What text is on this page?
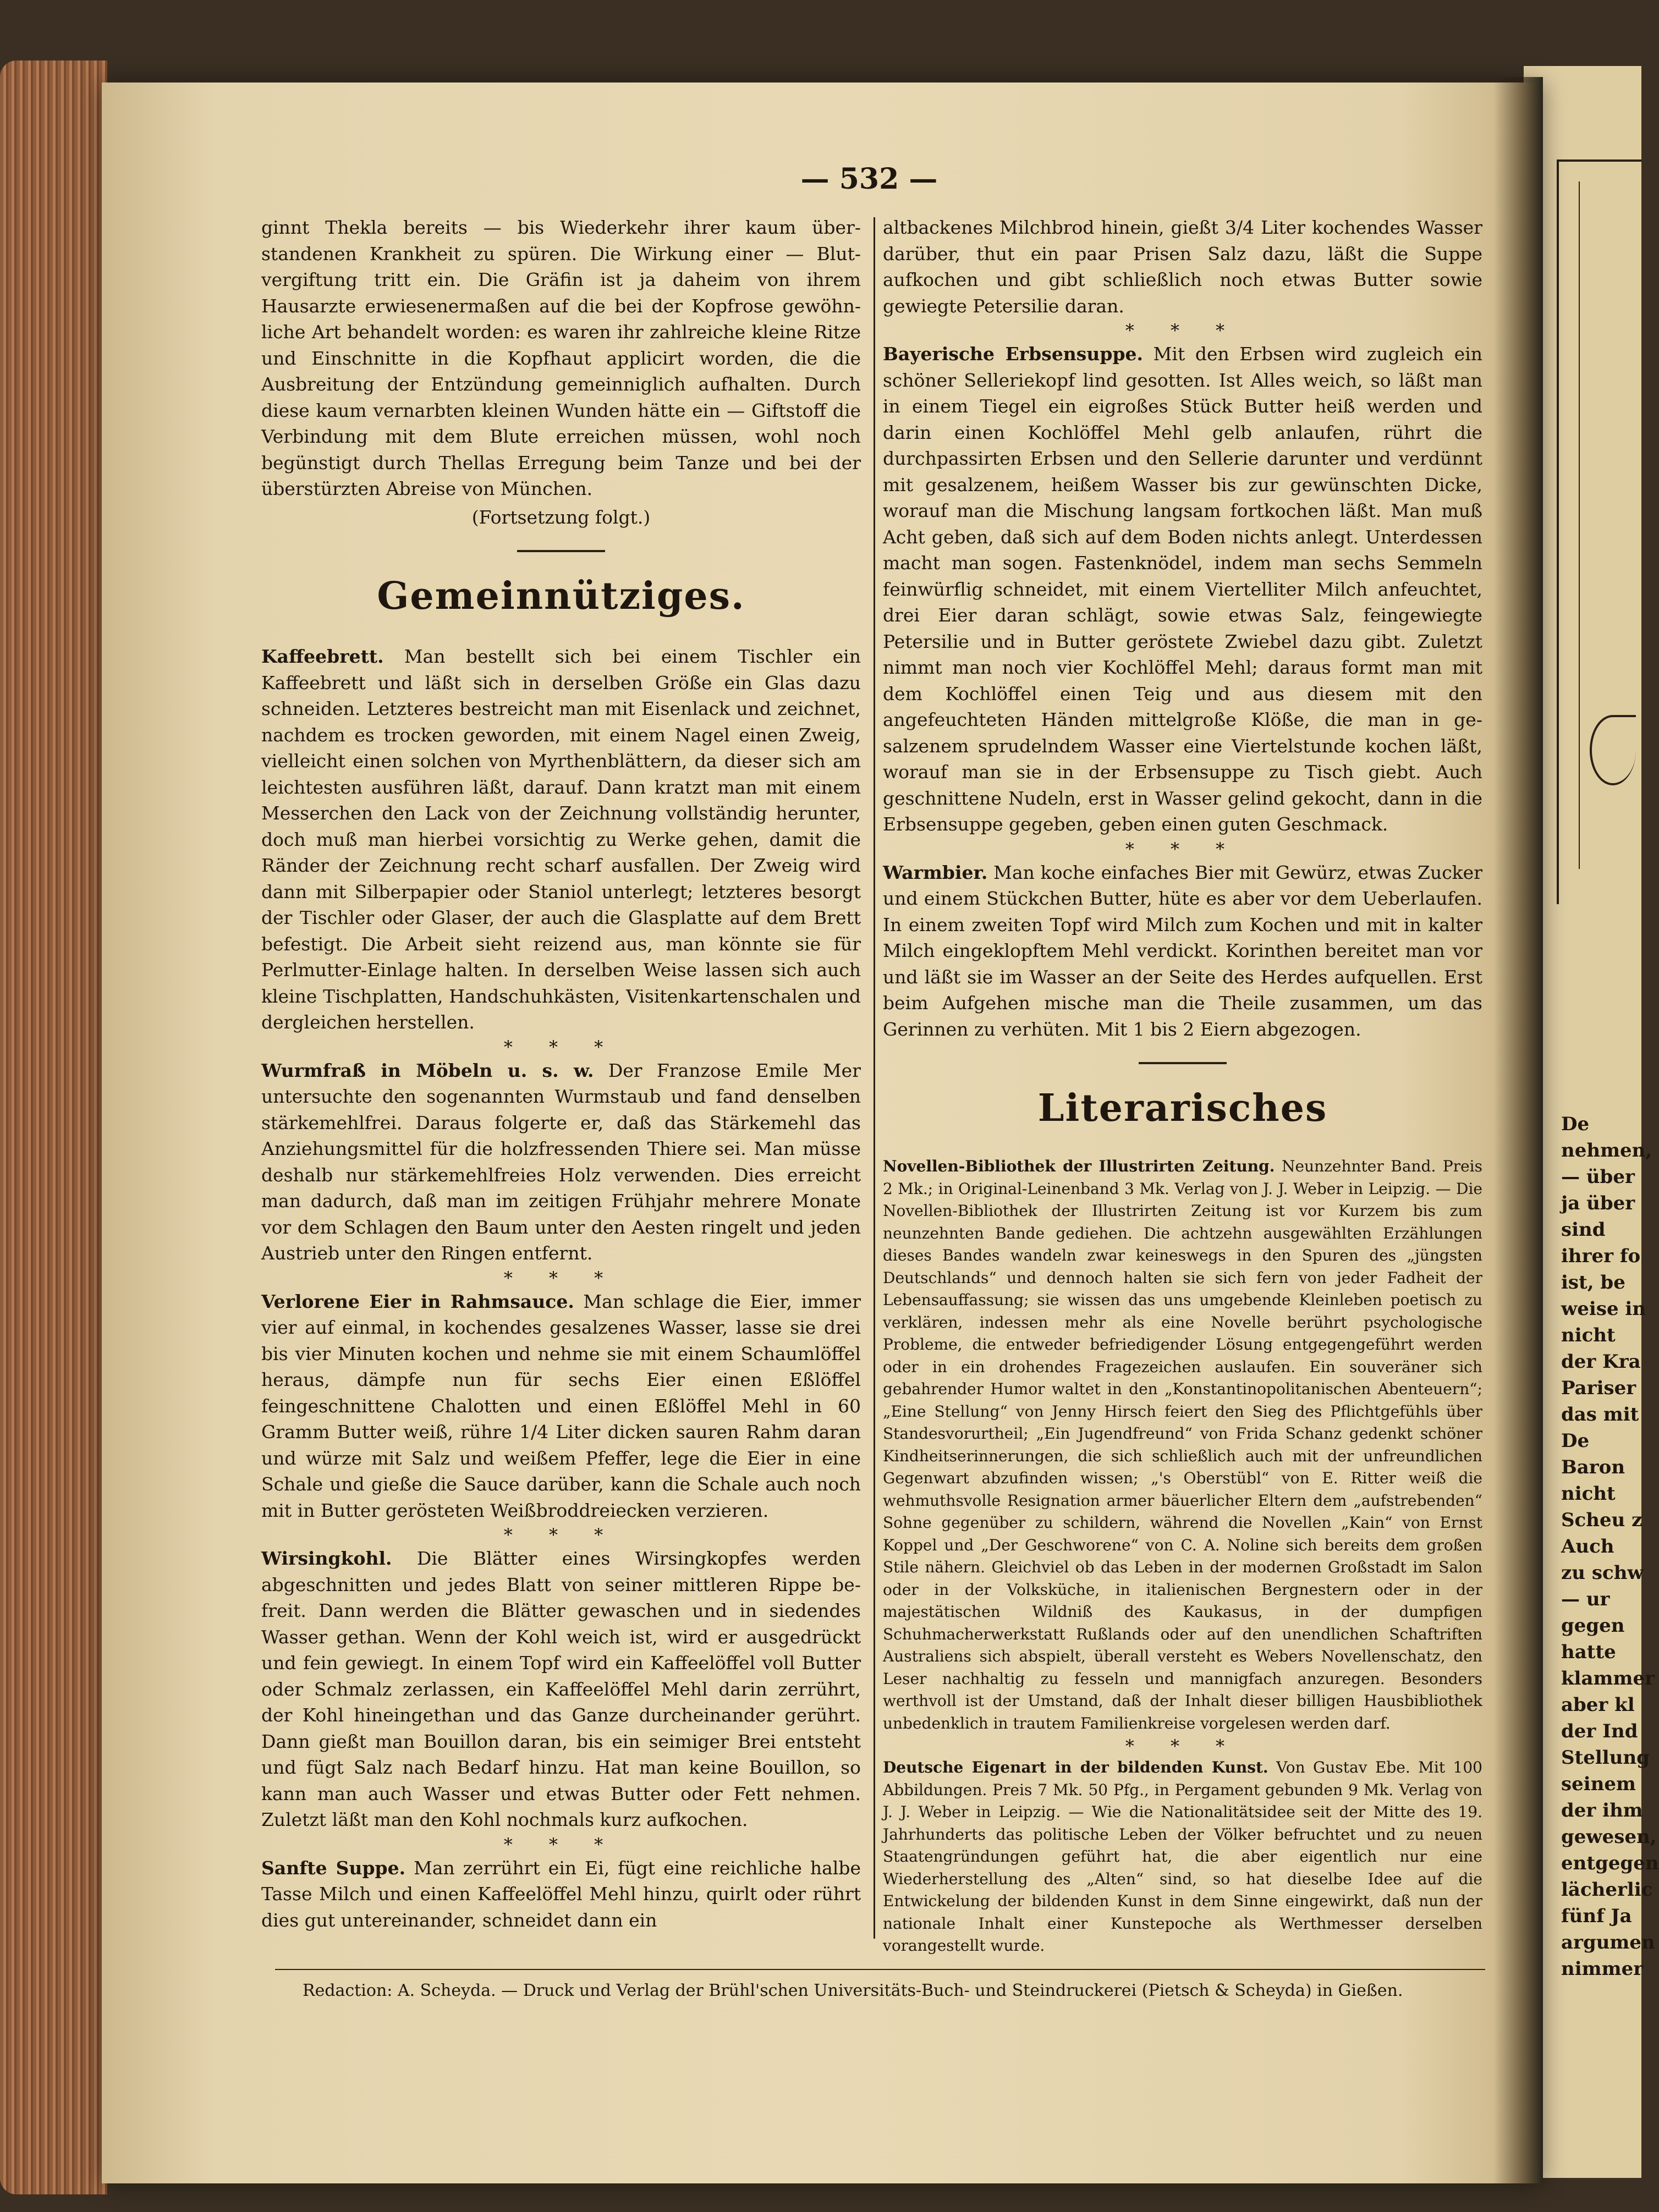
— 532 —

ginnt Thekla bereits — bis Wiederkehr ihrer kaum überstandenen Krankheit zu spüren. Die Wirkung einer — Blutvergiftung tritt ein. Die Gräfin ist ja daheim von ihrem Hausarzte erwiesenermaßen auf die bei der Kopfrose gewöhnliche Art behandelt worden: es waren ihr zahlreiche kleine Ritze und Einschnitte in die Kopfhaut applicirt worden, die die Ausbreitung der Entzündung gemeinniglich aufhalten. Durch diese kaum vernarbten kleinen Wunden hätte ein — Giftstoff die Verbindung mit dem Blute erreichen müssen, wohl noch begünstigt durch Thellas Erregung beim Tanze und bei der überstürzten Abreise von München.

(Fortsetzung folgt.)

Gemeinnütziges.

Kaffeebrett. Man bestellt sich bei einem Tischler ein Kaffeebrett und läßt sich in derselben Größe ein Glas dazu schneiden. Letzteres bestreicht man mit Eisenlack und zeichnet, nachdem es trocken geworden, mit einem Nagel einen Zweig, vielleicht einen solchen von Myrthenblättern, da dieser sich am leichtesten ausführen läßt, darauf. Dann kratzt man mit einem Messerchen den Lack von der Zeichnung vollständig herunter, doch muß man hierbei vorsichtig zu Werke gehen, damit die Ränder der Zeichnung recht scharf ausfallen. Der Zweig wird dann mit Silberpapier oder Staniol unterlegt; letzteres besorgt der Tischler oder Glaser, der auch die Glasplatte auf dem Brett befestigt. Die Arbeit sieht reizend aus, man könnte sie für Perlmutter-Einlage halten. In derselben Weise lassen sich auch kleine Tischplatten, Handschuhkästen, Visitenkartenschalen und dergleichen herstellen.

* * *

Wurmfraß in Möbeln u. s. w. Der Franzose Emile Mer untersuchte den sogenannten Wurmstaub und fand denselben stärkemehlfrei. Daraus folgerte er, daß das Stärkemehl das Anziehungsmittel für die holzfressenden Thiere sei. Man müsse deshalb nur stärkemehlfreies Holz verwenden. Dies erreicht man dadurch, daß man im zeitigen Frühjahr mehrere Monate vor dem Schlagen den Baum unter den Aesten ringelt und jeden Austrieb unter den Ringen entfernt.

* * *

Verlorene Eier in Rahmsauce. Man schlage die Eier, immer vier auf einmal, in kochendes gesalzenes Wasser, lasse sie drei bis vier Minuten kochen und nehme sie mit einem Schaumlöffel heraus, dämpfe nun für sechs Eier einen Eßlöffel feingeschnittene Chalotten und einen Eßlöffel Mehl in 60 Gramm Butter weiß, rühre 1/4 Liter dicken sauren Rahm daran und würze mit Salz und weißem Pfeffer, lege die Eier in eine Schale und gieße die Sauce darüber, kann die Schale auch noch mit in Butter gerösteten Weißbroddreiecken verzieren.

* * *

Wirsingkohl. Die Blätter eines Wirsingkopfes werden abgeschnitten und jedes Blatt von seiner mittleren Rippe befreit. Dann werden die Blätter gewaschen und in siedendes Wasser gethan. Wenn der Kohl weich ist, wird er ausgedrückt und fein gewiegt. In einem Topf wird ein Kaffeelöffel voll Butter oder Schmalz zerlassen, ein Kaffeelöffel Mehl darin zerrührt, der Kohl hineingethan und das Ganze durcheinander gerührt. Dann gießt man Bouillon daran, bis ein seimiger Brei entsteht und fügt Salz nach Bedarf hinzu. Hat man keine Bouillon, so kann man auch Wasser und etwas Butter oder Fett nehmen. Zuletzt läßt man den Kohl nochmals kurz aufkochen.

* * *

Sanfte Suppe. Man zerrührt ein Ei, fügt eine reichliche halbe Tasse Milch und einen Kaffeelöffel Mehl hinzu, quirlt oder rührt dies gut untereinander, schneidet dann ein

altbackenes Milchbrod hinein, gießt 3/4 Liter kochendes Wasser darüber, thut ein paar Prisen Salz dazu, läßt die Suppe aufkochen und gibt schließlich noch etwas Butter sowie gewiegte Petersilie daran.

* * *

Bayerische Erbsensuppe. Mit den Erbsen wird zugleich ein schöner Selleriekopf lind gesotten. Ist Alles weich, so läßt man in einem Tiegel ein eigroßes Stück Butter heiß werden und darin einen Kochlöffel Mehl gelb anlaufen, rührt die durchpassirten Erbsen und den Sellerie darunter und verdünnt mit gesalzenem, heißem Wasser bis zur gewünschten Dicke, worauf man die Mischung langsam fortkochen läßt. Man muß Acht geben, daß sich auf dem Boden nichts anlegt. Unterdessen macht man sogen. Fastenknödel, indem man sechs Semmeln feinwürflig schneidet, mit einem Viertelliter Milch anfeuchtet, drei Eier daran schlägt, sowie etwas Salz, feingewiegte Petersilie und in Butter geröstete Zwiebel dazu gibt. Zuletzt nimmt man noch vier Kochlöffel Mehl; daraus formt man mit dem Kochlöffel einen Teig und aus diesem mit den angefeuchteten Händen mittelgroße Klöße, die man in gesalzenem sprudelndem Wasser eine Viertelstunde kochen läßt, worauf man sie in der Erbsensuppe zu Tisch giebt. Auch geschnittene Nudeln, erst in Wasser gelind gekocht, dann in die Erbsensuppe gegeben, geben einen guten Geschmack.

* * *

Warmbier. Man koche einfaches Bier mit Gewürz, etwas Zucker und einem Stückchen Butter, hüte es aber vor dem Ueberlaufen. In einem zweiten Topf wird Milch zum Kochen und mit in kalter Milch eingeklopftem Mehl verdickt. Korinthen bereitet man vor und läßt sie im Wasser an der Seite des Herdes aufquellen. Erst beim Aufgehen mische man die Theile zusammen, um das Gerinnen zu verhüten. Mit 1 bis 2 Eiern abgezogen.

Literarisches

Novellen-Bibliothek der Illustrirten Zeitung. Neunzehnter Band. Preis 2 Mk.; in Original-Leinenband 3 Mk. Verlag von J. J. Weber in Leipzig. — Die Novellen-Bibliothek der Illustrirten Zeitung ist vor Kurzem bis zum neunzehnten Bande gediehen. Die achtzehn ausgewählten Erzählungen dieses Bandes wandeln zwar keineswegs in den Spuren des „jüngsten Deutschlands“ und dennoch halten sie sich fern von jeder Fadheit der Lebensauffassung; sie wissen das uns umgebende Kleinleben poetisch zu verklären, indessen mehr als eine Novelle berührt psychologische Probleme, die entweder befriedigender Lösung entgegengeführt werden oder in ein drohendes Fragezeichen auslaufen. Ein souveräner sich gebahrender Humor waltet in den „Konstantinopolitanischen Abenteuern“; „Eine Stellung“ von Jenny Hirsch feiert den Sieg des Pflichtgefühls über Standesvorurtheil; „Ein Jugendfreund“ von Frida Schanz gedenkt schöner Kindheitserinnerungen, die sich schließlich auch mit der unfreundlichen Gegenwart abzufinden wissen; „'s Oberstübl“ von E. Ritter weiß die wehmuthsvolle Resignation armer bäuerlicher Eltern dem „aufstrebenden“ Sohne gegenüber zu schildern, während die Novellen „Kain“ von Ernst Koppel und „Der Geschworene“ von C. A. Noline sich bereits dem großen Stile nähern. Gleichviel ob das Leben in der modernen Großstadt im Salon oder in der Volksküche, in italienischen Bergnestern oder in der majestätischen Wildniß des Kaukasus, in der dumpfigen Schuhmacherwerkstatt Rußlands oder auf den unendlichen Schaftriften Australiens sich abspielt, überall versteht es Webers Novellenschatz, den Leser nachhaltig zu fesseln und mannigfach anzuregen. Besonders werthvoll ist der Umstand, daß der Inhalt dieser billigen Hausbibliothek unbedenklich in trautem Familienkreise vorgelesen werden darf.

* * *

Deutsche Eigenart in der bildenden Kunst. Von Gustav Ebe. Mit 100 Abbildungen. Preis 7 Mk. 50 Pfg., in Pergament gebunden 9 Mk. Verlag von J. J. Weber in Leipzig. — Wie die Nationalitätsidee seit der Mitte des 19. Jahrhunderts das politische Leben der Völker befruchtet und zu neuen Staatengründungen geführt hat, die aber eigentlich nur eine Wiederherstellung des „Alten“ sind, so hat dieselbe Idee auf die Entwickelung der bildenden Kunst in dem Sinne eingewirkt, daß nun der nationale Inhalt einer Kunstepoche als Werthmesser derselben vorangestellt wurde.

Redaction: A. Scheyda. — Druck und Verlag der Brühl'schen Universitäts-Buch- und Steindruckerei (Pietsch & Scheyda) in Gießen.
De
nehmen,
— über
ja über
sind
ihrer fo
ist, be
weise in
nicht
der Kra
Pariser
das mit
De
Baron
nicht
Scheu z
Auch
zu schw
— ur
gegen
hatte
klammer
aber kl
der Ind
Stellung
seinem
der ihm
gewesen,
entgegen
lächerlic
fünf Ja
argumen
nimmer
